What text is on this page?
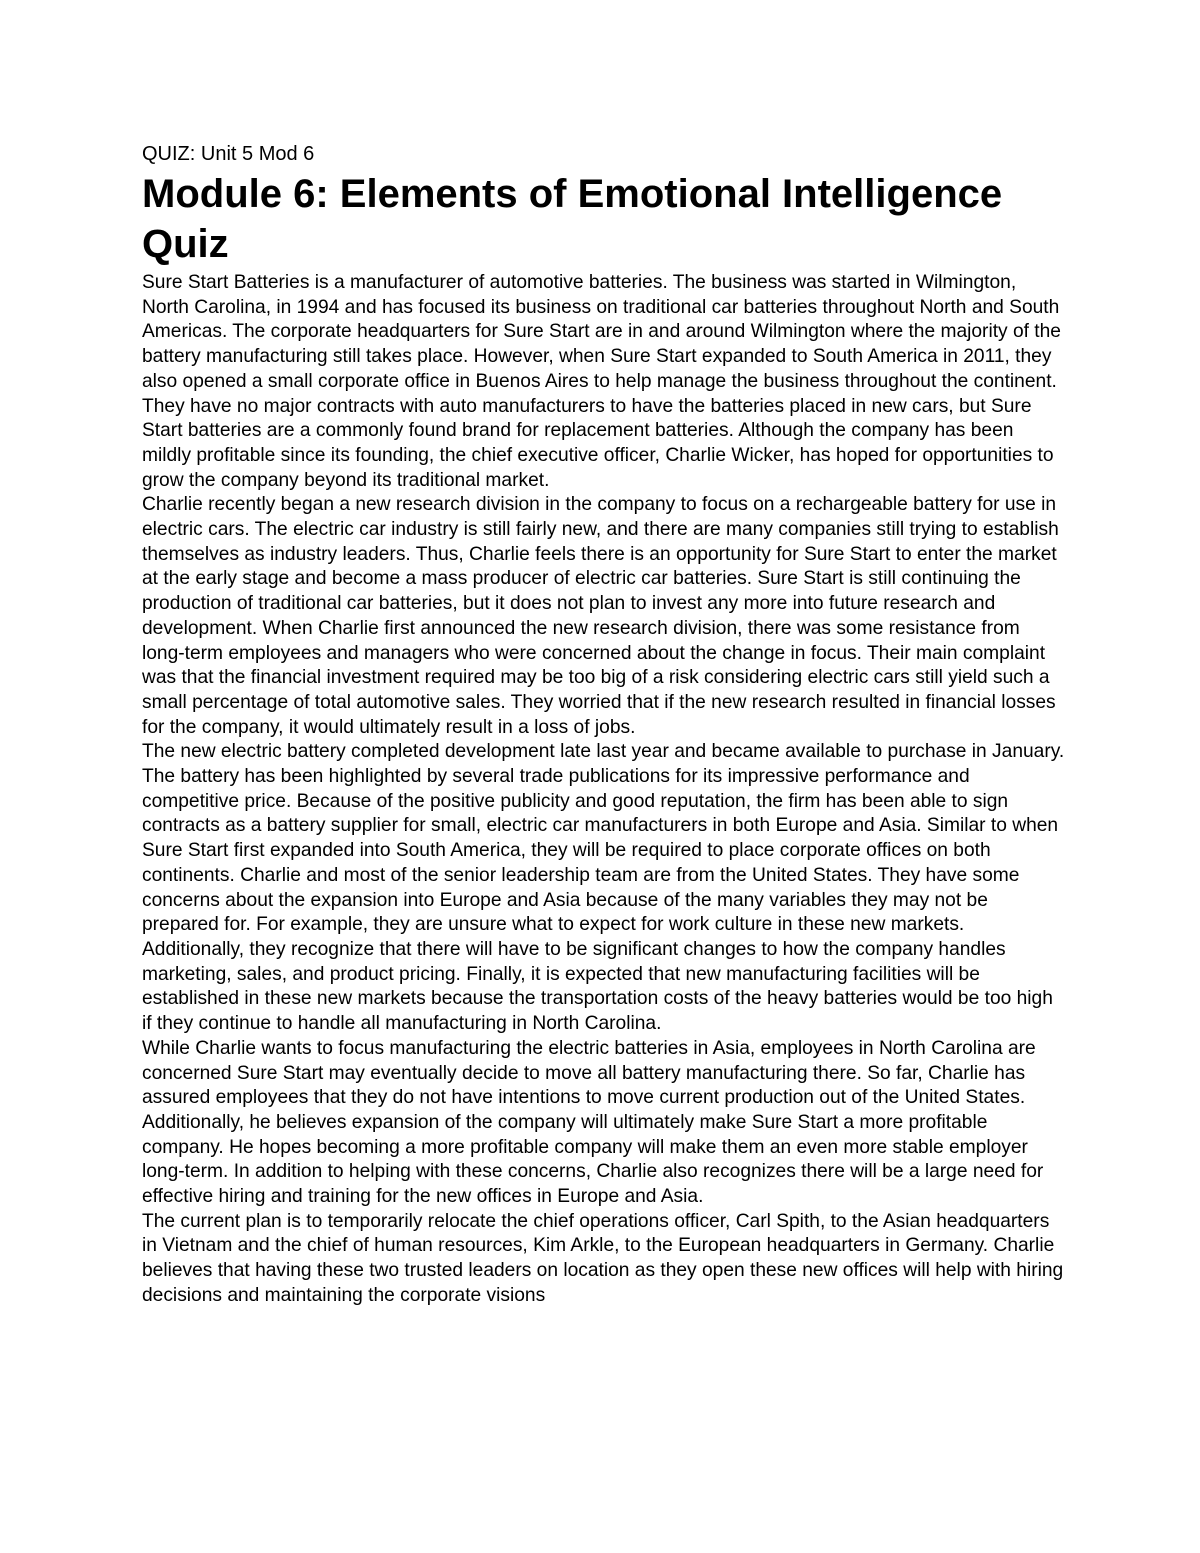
QUIZ: Unit 5 Mod 6
Module 6: Elements of Emotional Intelligence Quiz

Sure Start Batteries is a manufacturer of automotive batteries. The business was started in Wilmington, North Carolina, in 1994 and has focused its business on traditional car batteries throughout North and South Americas. The corporate headquarters for Sure Start are in and around Wilmington where the majority of the battery manufacturing still takes place. However, when Sure Start expanded to South America in 2011, they also opened a small corporate office in Buenos Aires to help manage the business throughout the continent. They have no major contracts with auto manufacturers to have the batteries placed in new cars, but Sure Start batteries are a commonly found brand for replacement batteries. Although the company has been mildly profitable since its founding, the chief executive officer, Charlie Wicker, has hoped for opportunities to grow the company beyond its traditional market.

Charlie recently began a new research division in the company to focus on a rechargeable battery for use in electric cars. The electric car industry is still fairly new, and there are many companies still trying to establish themselves as industry leaders. Thus, Charlie feels there is an opportunity for Sure Start to enter the market at the early stage and become a mass producer of electric car batteries. Sure Start is still continuing the production of traditional car batteries, but it does not plan to invest any more into future research and development. When Charlie first announced the new research division, there was some resistance from long-term employees and managers who were concerned about the change in focus. Their main complaint was that the financial investment required may be too big of a risk considering electric cars still yield such a small percentage of total automotive sales. They worried that if the new research resulted in financial losses for the company, it would ultimately result in a loss of jobs.

The new electric battery completed development late last year and became available to purchase in January. The battery has been highlighted by several trade publications for its impressive performance and competitive price. Because of the positive publicity and good reputation, the firm has been able to sign contracts as a battery supplier for small, electric car manufacturers in both Europe and Asia. Similar to when Sure Start first expanded into South America, they will be required to place corporate offices on both continents. Charlie and most of the senior leadership team are from the United States. They have some concerns about the expansion into Europe and Asia because of the many variables they may not be prepared for. For example, they are unsure what to expect for work culture in these new markets. Additionally, they recognize that there will have to be significant changes to how the company handles marketing, sales, and product pricing. Finally, it is expected that new manufacturing facilities will be established in these new markets because the transportation costs of the heavy batteries would be too high if they continue to handle all manufacturing in North Carolina.

While Charlie wants to focus manufacturing the electric batteries in Asia, employees in North Carolina are concerned Sure Start may eventually decide to move all battery manufacturing there. So far, Charlie has assured employees that they do not have intentions to move current production out of the United States. Additionally, he believes expansion of the company will ultimately make Sure Start a more profitable company. He hopes becoming a more profitable company will make them an even more stable employer long-term. In addition to helping with these concerns, Charlie also recognizes there will be a large need for effective hiring and training for the new offices in Europe and Asia.

The current plan is to temporarily relocate the chief operations officer, Carl Spith, to the Asian headquarters in Vietnam and the chief of human resources, Kim Arkle, to the European headquarters in Germany. Charlie believes that having these two trusted leaders on location as they open these new offices will help with hiring decisions and maintaining the corporate visions
